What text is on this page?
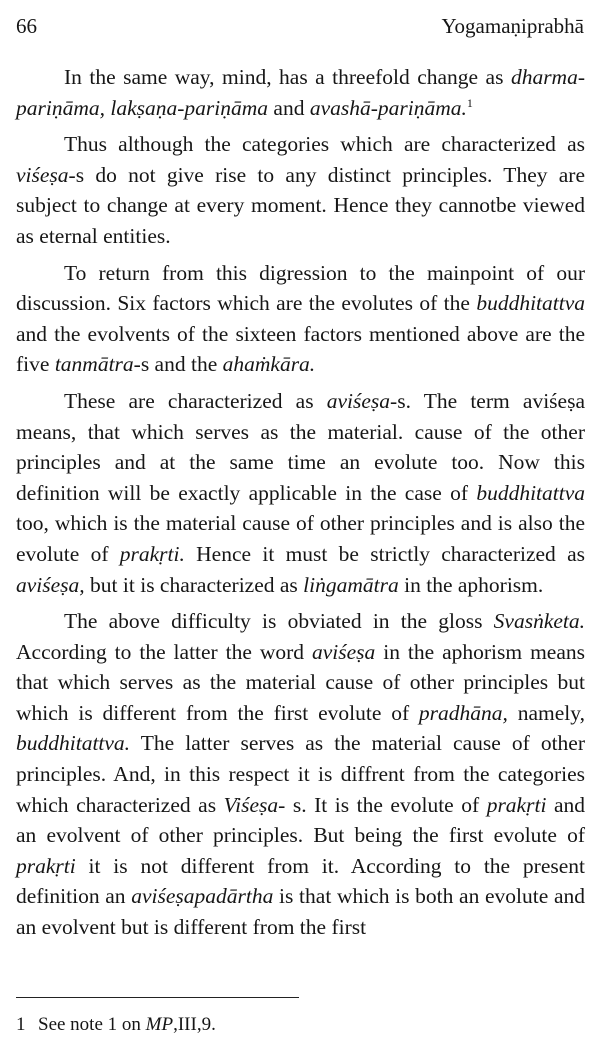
66	Yogamaṇiprabhā

In the same way, mind, has a threefold change as dharma- pariṇāma, lakṣaṇa-pariṇāma and avashā-pariṇāma.$^1$

Thus although the categories which are characterized as viśeṣa-s do not give rise to any distinct principles. They are subject to change at every moment. Hence they cannotbe viewed as eternal entities.

To return from this digression to the mainpoint of our discussion. Six factors which are the evolutes of the buddhitattva and the evolvents of the sixteen factors mentioned above are the five tanmātra-s and the ahaṁkāra.

These are characterized as aviśeṣa-s. The term aviśeṣa means, that which serves as the material. cause of the other principles and at the same time an evolute too. Now this definition will be exactly applicable in the case of buddhitattva too, which is the material cause of other principles and is also the evolute of prakṛti. Hence it must be strictly characterized as aviśeṣa, but it is characterized as liṅgamātra in the aphorism.

The above difficulty is obviated in the gloss Svasṅketa. According to the latter the word aviśeṣa in the aphorism means that which serves as the material cause of other principles but which is different from the first evolute of pradhāna, namely, buddhitattva. The latter serves as the material cause of other principles. And, in this respect it is diffrent from the categories which characterized as Viśeṣa- s. It is the evolute of prakṛti and an evolvent of other principles. But being the first evolute of prakṛti it is not different from it. According to the present definition an aviśeṣapadārtha is that which is both an evolute and an evolvent but is different from the first

1 See note 1 on MP,III,9.
